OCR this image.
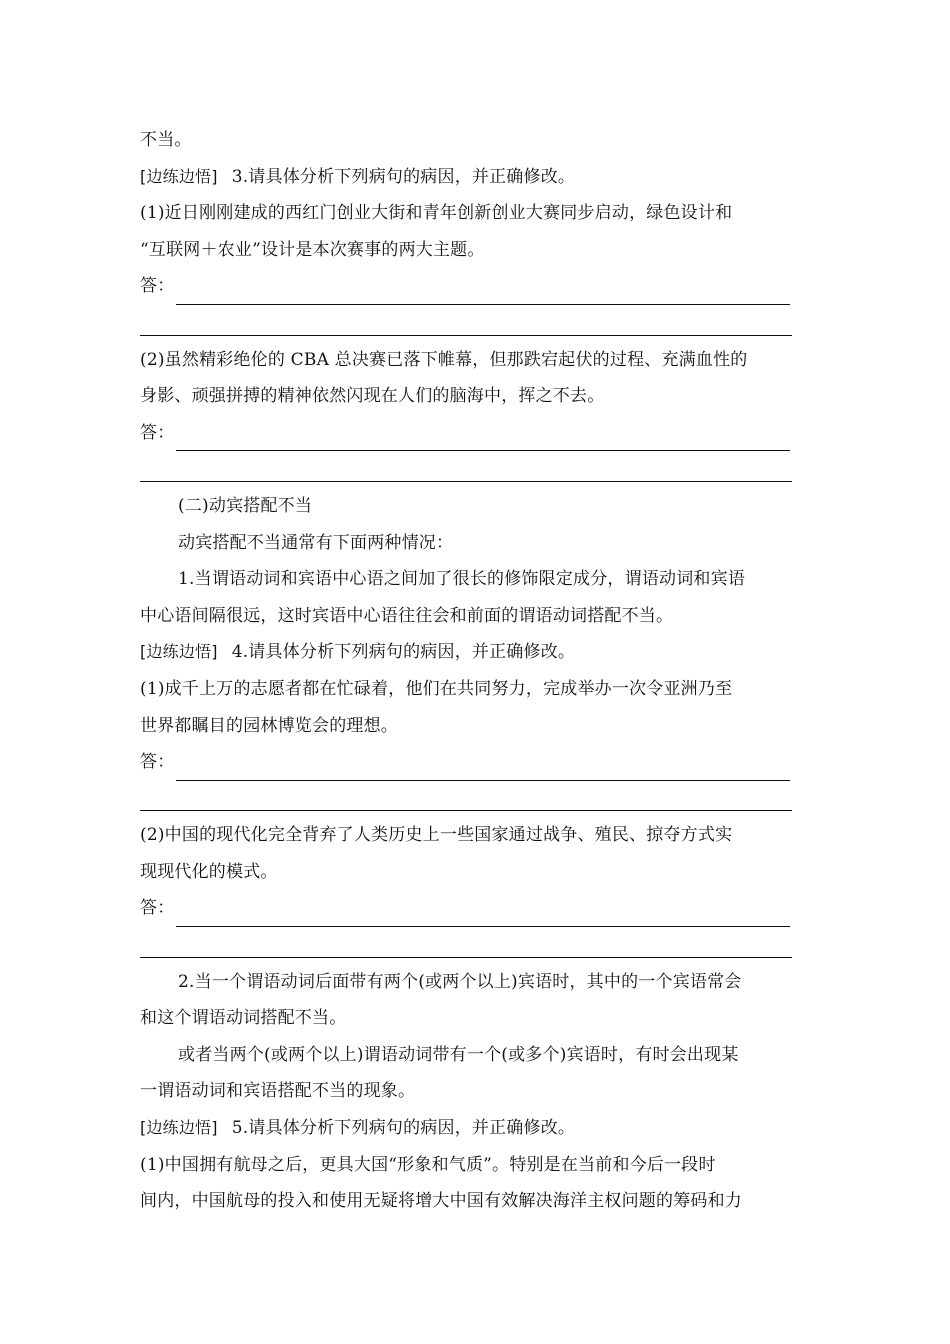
不当。
[边练边悟] 3.请具体分析下列病句的病因，并正确修改。
(1)近日刚刚建成的西红门创业大街和青年创新创业大赛同步启动，绿色设计和
“互联网＋农业”设计是本次赛事的两大主题。
答：
(2)虽然精彩绝伦的 CBA 总决赛已落下帷幕，但那跌宕起伏的过程、充满血性的
身影、顽强拼搏的精神依然闪现在人们的脑海中，挥之不去。
答：
(二)动宾搭配不当
动宾搭配不当通常有下面两种情况：
1.当谓语动词和宾语中心语之间加了很长的修饰限定成分，谓语动词和宾语
中心语间隔很远，这时宾语中心语往往会和前面的谓语动词搭配不当。
[边练边悟] 4.请具体分析下列病句的病因，并正确修改。
(1)成千上万的志愿者都在忙碌着，他们在共同努力，完成举办一次令亚洲乃至
世界都瞩目的园林博览会的理想。
答：
(2)中国的现代化完全背弃了人类历史上一些国家通过战争、殖民、掠夺方式实
现现代化的模式。
答：
2.当一个谓语动词后面带有两个(或两个以上)宾语时，其中的一个宾语常会
和这个谓语动词搭配不当。
或者当两个(或两个以上)谓语动词带有一个(或多个)宾语时，有时会出现某
一谓语动词和宾语搭配不当的现象。
[边练边悟] 5.请具体分析下列病句的病因，并正确修改。
(1)中国拥有航母之后，更具大国“形象和气质”。特别是在当前和今后一段时
间内，中国航母的投入和使用无疑将增大中国有效解决海洋主权问题的筹码和力
